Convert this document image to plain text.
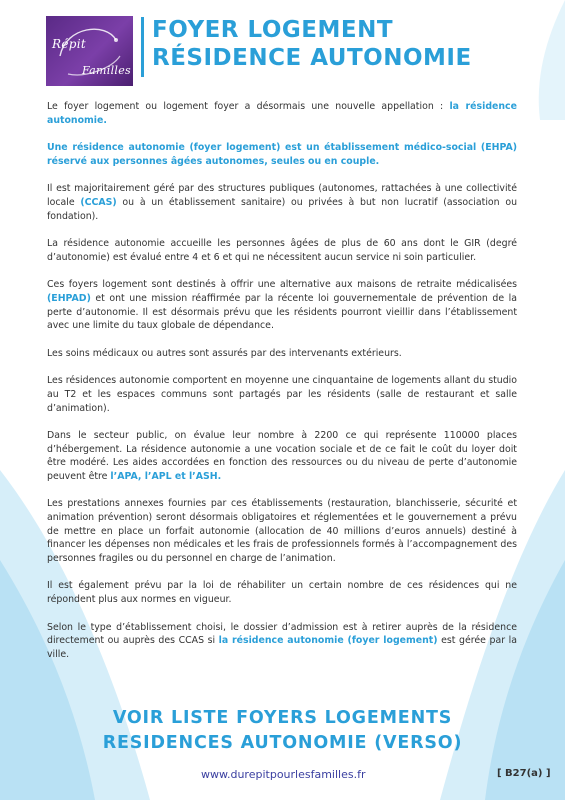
Répit
Familles
FOYER LOGEMENT
RÉSIDENCE AUTONOMIE

Le foyer logement ou logement foyer a désormais une nouvelle appellation : la résidence autonomie.

Une résidence autonomie (foyer logement) est un établissement médico-social (EHPA) réservé aux personnes âgées autonomes, seules ou en couple.

Il est majoritairement géré par des structures publiques (autonomes, rattachées à une collectivité locale (CCAS) ou à un établissement sanitaire) ou privées à but non lucratif (association ou fondation).

La résidence autonomie accueille les personnes âgées de plus de 60 ans dont le GIR (degré d’autonomie) est évalué entre 4 et 6 et qui ne nécessitent aucun service ni soin particulier.

Ces foyers logement sont destinés à offrir une alternative aux maisons de retraite médicalisées (EHPAD) et ont une mission réaffirmée par la récente loi gouvernementale de prévention de la perte d’autonomie. Il est désormais prévu que les résidents pourront vieillir dans l’établissement avec une limite du taux globale de dépendance.

Les soins médicaux ou autres sont assurés par des intervenants extérieurs.

Les résidences autonomie comportent en moyenne une cinquantaine de logements allant du studio au T2 et les espaces communs sont partagés par les résidents (salle de restaurant et salle d’animation).

Dans le secteur public, on évalue leur nombre à 2200 ce qui représente 110000 places d’hébergement. La résidence autonomie a une vocation sociale et de ce fait le coût du loyer doit être modéré. Les aides accordées en fonction des ressources ou du niveau de perte d’autonomie peuvent être l’APA, l’APL et l’ASH.

Les prestations annexes fournies par ces établissements (restauration, blanchisserie, sécurité et animation prévention) seront désormais obligatoires et réglementées et le gouvernement a prévu de mettre en place un forfait autonomie (allocation de 40 millions d’euros annuels) destiné à financer les dépenses non médicales et les frais de professionnels formés à l’accompagnement des personnes fragiles ou du personnel en charge de l’animation.

Il est également prévu par la loi de réhabiliter un certain nombre de ces résidences qui ne répondent plus aux normes en vigueur.

Selon le type d’établissement choisi, le dossier d’admission est à retirer auprès de la résidence directement ou auprès des CCAS si la résidence autonomie (foyer logement) est gérée par la ville.

VOIR LISTE FOYERS LOGEMENTS
RESIDENCES AUTONOMIE (VERSO)
www.durepitpourlesfamilles.fr	[ B27(a) ]
